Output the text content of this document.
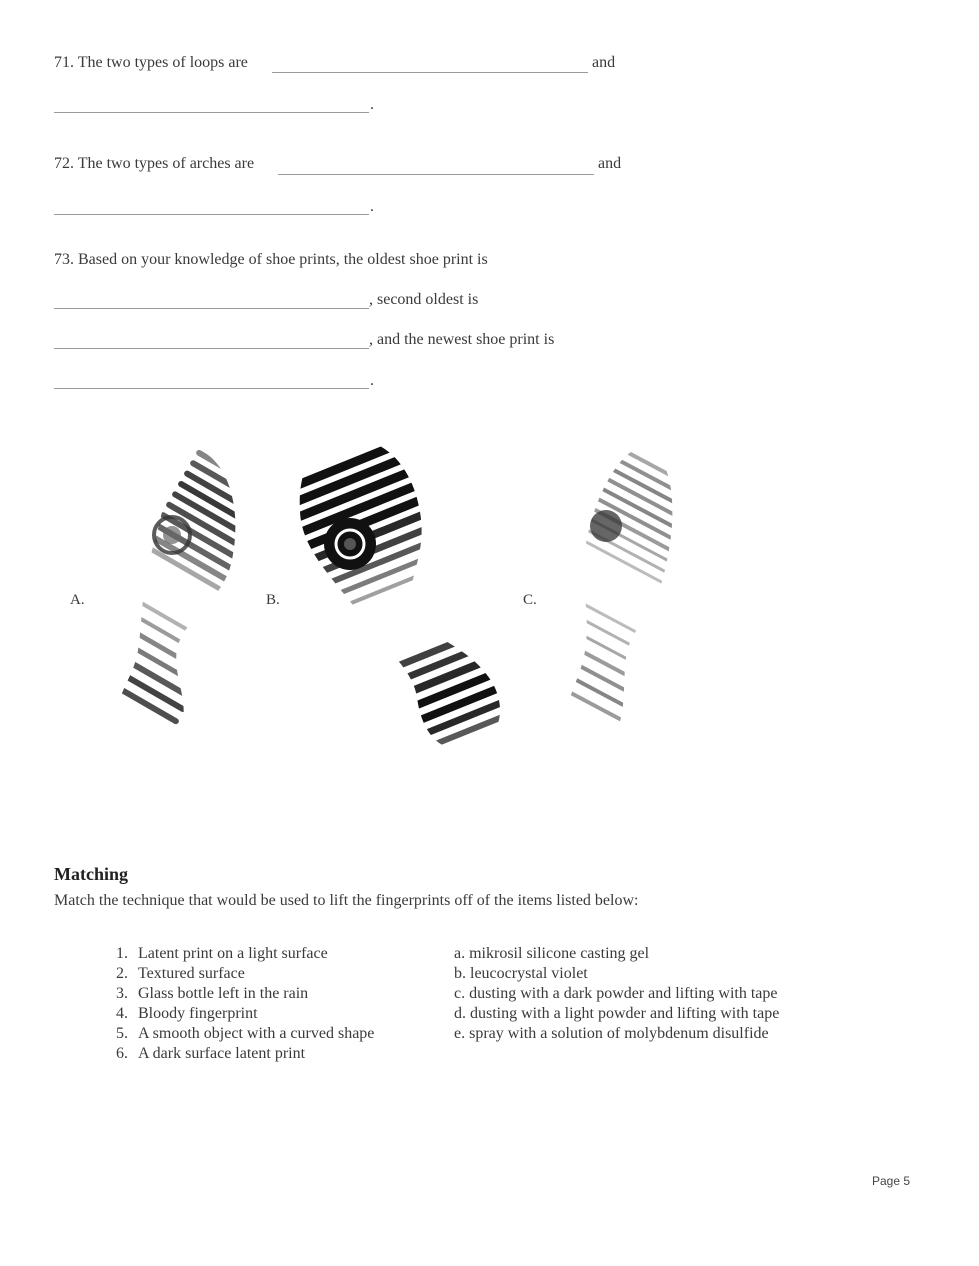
71. The two types of loops are	and
.
72. The two types of arches are	and
.
73. Based on your knowledge of shoe prints, the oldest shoe print is
, second oldest is
, and the newest shoe print is
.
A.	B.	C.
Matching
Match the technique that would be used to lift the fingerprints off of the items listed below:
1. Latent print on a light surface
2. Textured surface
3. Glass bottle left in the rain
4. Bloody fingerprint
5. A smooth object with a curved shape
6. A dark surface latent print
a. mikrosil silicone casting gel
b. leucocrystal violet
c. dusting with a dark powder and lifting with tape
d. dusting with a light powder and lifting with tape
e. spray with a solution of molybdenum disulfide
Page 5
